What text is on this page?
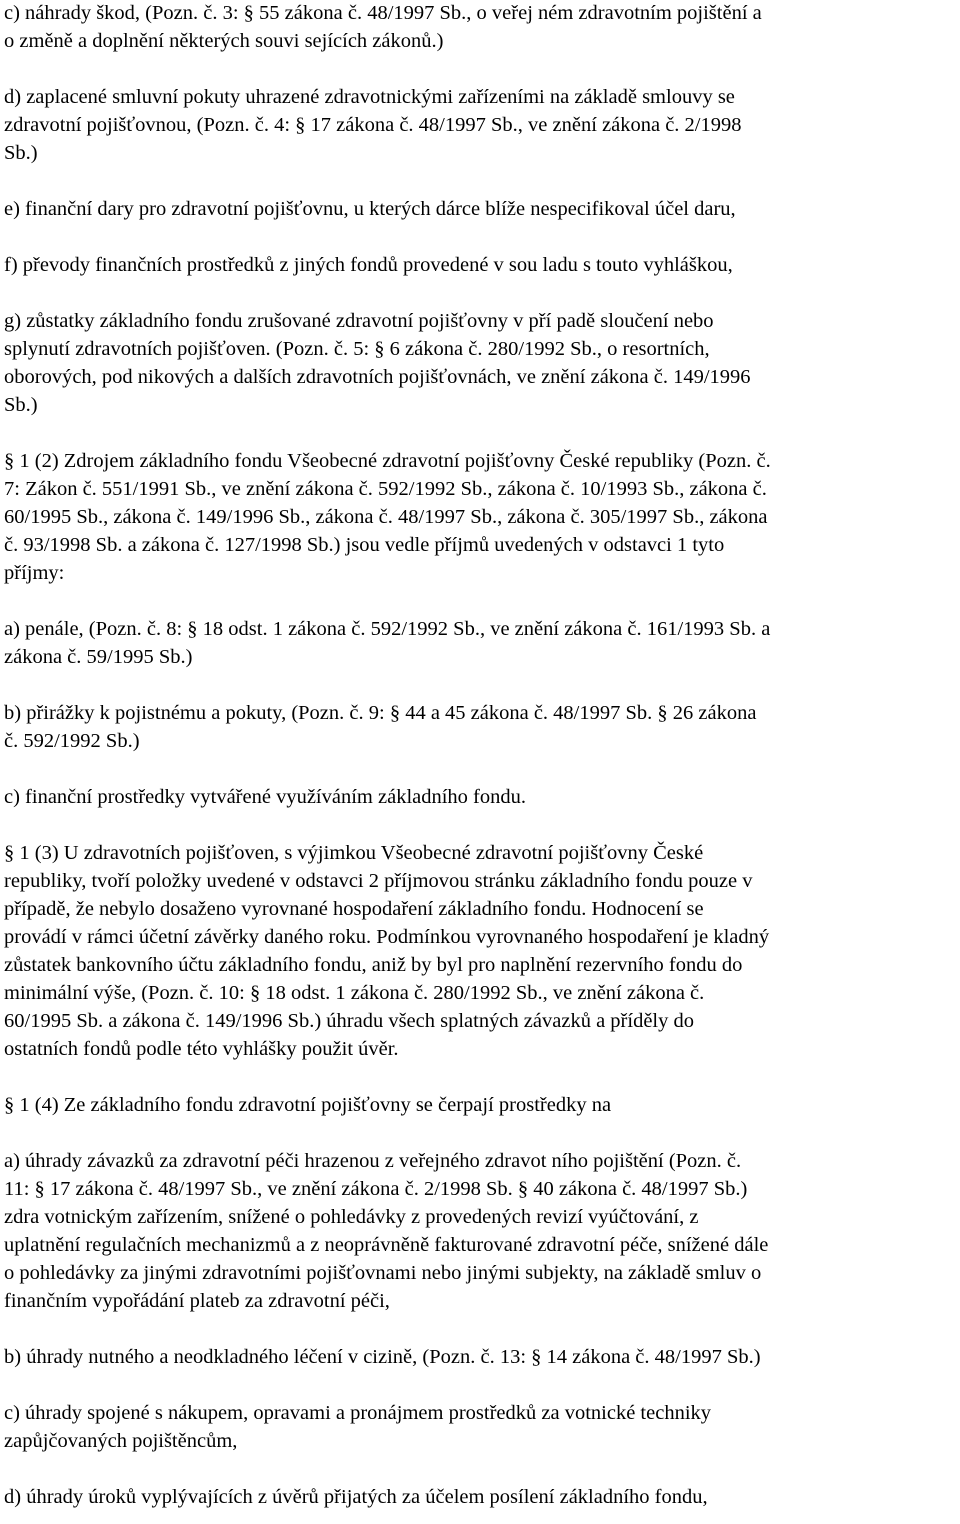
c) náhrady škod, (Pozn. č. 3: § 55 zákona č. 48/1997 Sb., o veřej ném zdravotním pojištění a
o změně a doplnění některých souvi sejících zákonů.)
d) zaplacené smluvní pokuty uhrazené zdravotnickými zařízeními na základě smlouvy se
zdravotní pojišťovnou, (Pozn. č. 4: § 17 zákona č. 48/1997 Sb., ve znění zákona č. 2/1998
Sb.)
e) finanční dary pro zdravotní pojišťovnu, u kterých dárce blíže nespecifikoval účel daru,
f) převody finančních prostředků z jiných fondů provedené v sou ladu s touto vyhláškou,
g) zůstatky základního fondu zrušované zdravotní pojišťovny v pří padě sloučení nebo
splynutí zdravotních pojišťoven. (Pozn. č. 5: § 6 zákona č. 280/1992 Sb., o resortních,
oborových, pod nikových a dalších zdravotních pojišťovnách, ve znění zákona č. 149/1996
Sb.)
§ 1 (2) Zdrojem základního fondu Všeobecné zdravotní pojišťovny České republiky (Pozn. č.
7: Zákon č. 551/1991 Sb., ve znění zákona č. 592/1992 Sb., zákona č. 10/1993 Sb., zákona č.
60/1995 Sb., zákona č. 149/1996 Sb., zákona č. 48/1997 Sb., zákona č. 305/1997 Sb., zákona
č. 93/1998 Sb. a zákona č. 127/1998 Sb.) jsou vedle příjmů uvedených v odstavci 1 tyto
příjmy:
a) penále, (Pozn. č. 8: § 18 odst. 1 zákona č. 592/1992 Sb., ve znění zákona č. 161/1993 Sb. a
zákona č. 59/1995 Sb.)
b) přirážky k pojistnému a pokuty, (Pozn. č. 9: § 44 a 45 zákona č. 48/1997 Sb. § 26 zákona
č. 592/1992 Sb.)
c) finanční prostředky vytvářené využíváním základního fondu.
§ 1 (3) U zdravotních pojišťoven, s výjimkou Všeobecné zdravotní pojišťovny České
republiky, tvoří položky uvedené v odstavci 2 příjmovou stránku základního fondu pouze v
případě, že nebylo dosaženo vyrovnané hospodaření základního fondu. Hodnocení se
provádí v rámci účetní závěrky daného roku. Podmínkou vyrovnaného hospodaření je kladný
zůstatek bankovního účtu základního fondu, aniž by byl pro naplnění rezervního fondu do
minimální výše, (Pozn. č. 10: § 18 odst. 1 zákona č. 280/1992 Sb., ve znění zákona č.
60/1995 Sb. a zákona č. 149/1996 Sb.) úhradu všech splatných závazků a příděly do
ostatních fondů podle této vyhlášky použit úvěr.
§ 1 (4) Ze základního fondu zdravotní pojišťovny se čerpají prostředky na
a) úhrady závazků za zdravotní péči hrazenou z veřejného zdravot ního pojištění (Pozn. č.
11: § 17 zákona č. 48/1997 Sb., ve znění zákona č. 2/1998 Sb. § 40 zákona č. 48/1997 Sb.)
zdra votnickým zařízením, snížené o pohledávky z provedených revizí vyúčtování, z
uplatnění regulačních mechanizmů a z neoprávněně fakturované zdravotní péče, snížené dále
o pohledávky za jinými zdravotními pojišťovnami nebo jinými subjekty, na základě smluv o
finančním vypořádání plateb za zdravotní péči,
b) úhrady nutného a neodkladného léčení v cizině, (Pozn. č. 13: § 14 zákona č. 48/1997 Sb.)
c) úhrady spojené s nákupem, opravami a pronájmem prostředků za votnické techniky
zapůjčovaných pojištěncům,
d) úhrady úroků vyplývajících z úvěrů přijatých za účelem posílení základního fondu,
